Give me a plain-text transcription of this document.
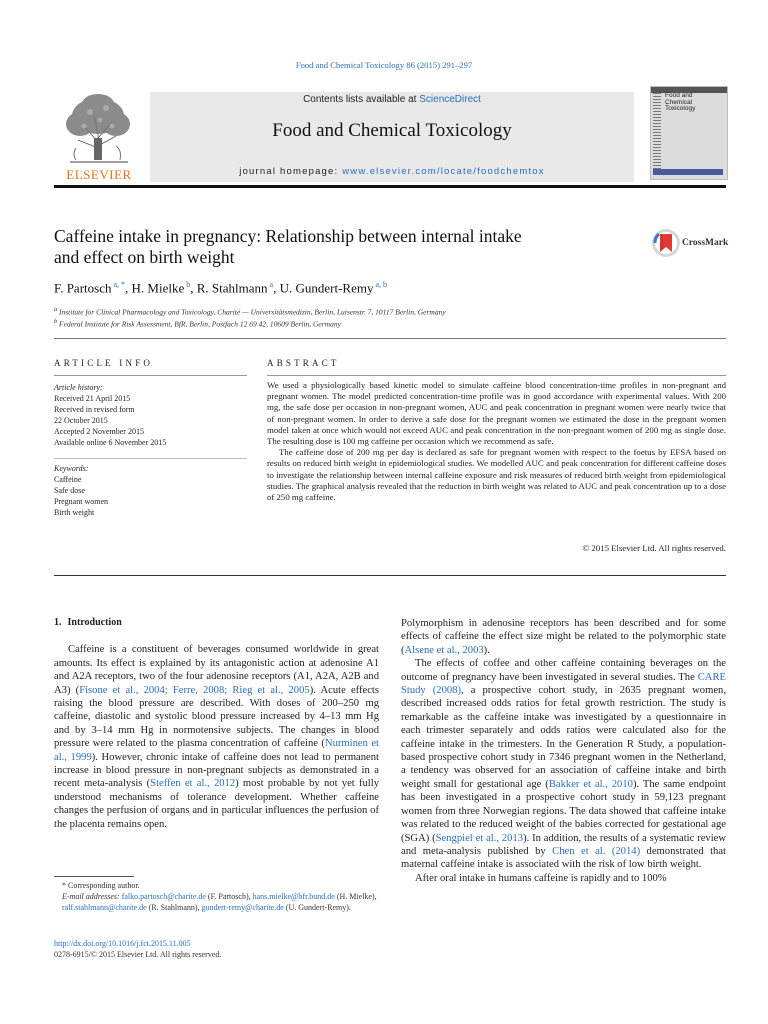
Food and Chemical Toxicology 86 (2015) 291–297
ELSEVIER
Contents lists available at ScienceDirect
Food and Chemical Toxicology
journal homepage: www.elsevier.com/locate/foodchemtox
Food and
Chemical
Toxicology
Caffeine intake in pregnancy: Relationship between internal intake
and effect on birth weight
CrossMark
F. Partosch $^{a, *}$, H. Mielke $^b$, R. Stahlmann $^a$, U. Gundert-Remy $^{a, b}$
$^a$ Institute for Clinical Pharmacology and Toxicology, Charité — Universitätsmedizin, Berlin, Luisenstr. 7, 10117 Berlin, Germany
$^b$ Federal Institute for Risk Assessment, BfR, Berlin, Postfach 12 69 42, 10609 Berlin, Germany
ARTICLE INFO
Article history:
Received 21 April 2015
Received in revised form
22 October 2015
Accepted 2 November 2015
Available online 6 November 2015
Keywords:
Caffeine
Safe dose
Pregnant women
Birth weight
ABSTRACT

We used a physiologically based kinetic model to simulate caffeine blood concentration-time profiles in non-pregnant and pregnant women. The model predicted concentration-time profile was in good accordance with experimental values. With 200 mg, the safe dose per occasion in non-pregnant women, AUC and peak concentration in pregnant women were nearly twice that of non-pregnant women. In order to derive a safe dose for the pregnant women we estimated the dose in the pregnant women model taken at once which would not exceed AUC and peak concentration in the non-pregnant women of 200 mg as single dose. The resulting dose is 100 mg caffeine per occasion which we recommend as safe.

The caffeine dose of 200 mg per day is declared as safe for pregnant women with respect to the foetus by EFSA based on results on reduced birth weight in epidemiological studies. We modelled AUC and peak concentration for different caffeine doses to investigate the relationship between internal caffeine exposure and risk measures of reduced birth weight from epidemiological studies. The graphical analysis revealed that the reduction in birth weight was related to AUC and peak concentration up to a dose of 250 mg caffeine.

© 2015 Elsevier Ltd. All rights reserved.
1. Introduction

Caffeine is a constituent of beverages consumed worldwide in great amounts. Its effect is explained by its antagonistic action at adenosine A1 and A2A receptors, two of the four adenosine receptors (A1, A2A, A2B and A3) (Fisone et al., 2004; Ferre, 2008; Rieg et al., 2005). Acute effects raising the blood pressure are described. With doses of 200–250 mg caffeine, diastolic and systolic blood pressure increased by 4–13 mm Hg and by 3–14 mm Hg in normotensive subjects. The changes in blood pressure were related to the plasma concentration of caffeine (Nurminen et al., 1999). However, chronic intake of caffeine does not lead to permanent increase in blood pressure in non-pregnant subjects as demonstrated in a recent meta-analysis (Steffen et al., 2012) most probable by not yet fully understood mechanisms of tolerance development. Whether caffeine changes the perfusion of organs and in particular influences the perfusion of the placenta remains open.

Polymorphism in adenosine receptors has been described and for some effects of caffeine the effect size might be related to the polymorphic state (Alsene et al., 2003).

The effects of coffee and other caffeine containing beverages on the outcome of pregnancy have been investigated in several studies. The CARE Study (2008), a prospective cohort study, in 2635 pregnant women, described increased odds ratios for fetal growth restriction. The study is remarkable as the caffeine intake was investigated by a questionnaire in each trimester separately and odds ratios were calculated also for the caffeine intake in the trimesters. In the Generation R Study, a population-based prospective cohort study in 7346 pregnant women in the Netherland, a tendency was observed for an association of caffeine intake and birth weight small for gestational age (Bakker et al., 2010). The same endpoint has been investigated in a prospective cohort study in 59,123 pregnant women from three Norwegian regions. The data showed that caffeine intake was related to the reduced weight of the babies corrected for gestational age (SGA) (Sengpiel et al., 2013). In addition, the results of a systematic review and meta-analysis published by Chen et al. (2014) demonstrated that maternal caffeine intake is associated with the risk of low birth weight.

After oral intake in humans caffeine is rapidly and to 100%

* Corresponding author.
E-mail addresses: falko.partosch@charite.de (F. Partosch), hans.mielke@bfr.bund.de (H. Mielke), ralf.stahlmann@charite.de (R. Stahlmann), gundert-remy@charite.de (U. Gundert-Remy).
http://dx.doi.org/10.1016/j.fct.2015.11.005
0278-6915/© 2015 Elsevier Ltd. All rights reserved.
